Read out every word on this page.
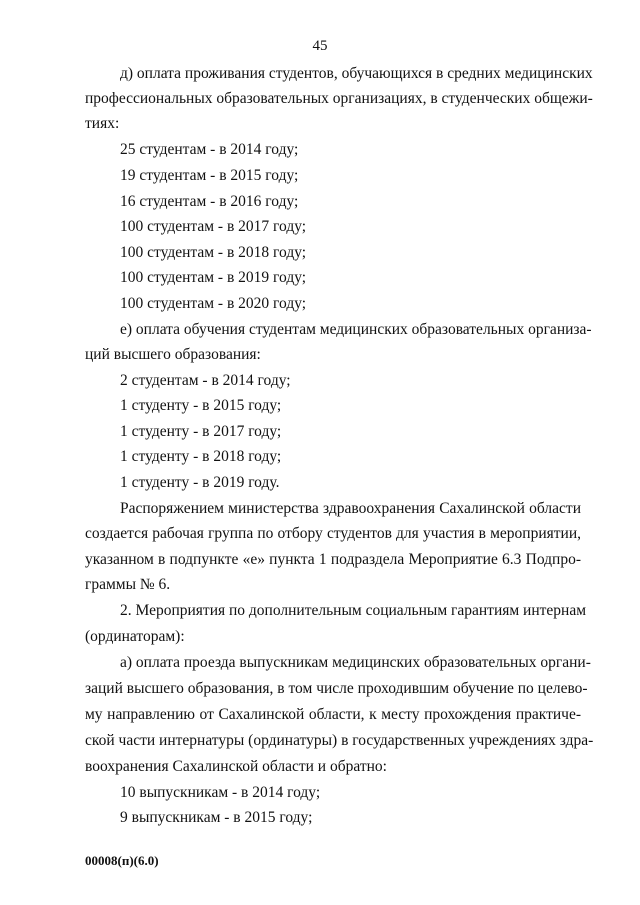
45
д) оплата проживания студентов, обучающихся в средних медицинских
профессиональных образовательных организациях, в студенческих общежи-
тиях:
25 студентам - в 2014 году;
19 студентам - в 2015 году;
16 студентам - в 2016 году;
100 студентам - в 2017 году;
100 студентам - в 2018 году;
100 студентам - в 2019 году;
100 студентам - в 2020 году;
е) оплата обучения студентам медицинских образовательных организа-
ций высшего образования:
2 студентам - в 2014 году;
1 студенту - в 2015 году;
1 студенту - в 2017 году;
1 студенту - в 2018 году;
1 студенту - в 2019 году.
Распоряжением министерства здравоохранения Сахалинской области
создается рабочая группа по отбору студентов для участия в мероприятии,
указанном в подпункте «е» пункта 1 подраздела Мероприятие 6.3 Подпро-
граммы № 6.
2. Мероприятия по дополнительным социальным гарантиям интернам
(ординаторам):
а) оплата проезда выпускникам медицинских образовательных органи-
заций высшего образования, в том числе проходившим обучение по целево-
му направлению от Сахалинской области, к месту прохождения практиче-
ской части интернатуры (ординатуры) в государственных учреждениях здра-
воохранения Сахалинской области и обратно:
10 выпускникам - в 2014 году;
9 выпускникам - в 2015 году;
00008(п)(6.0)
